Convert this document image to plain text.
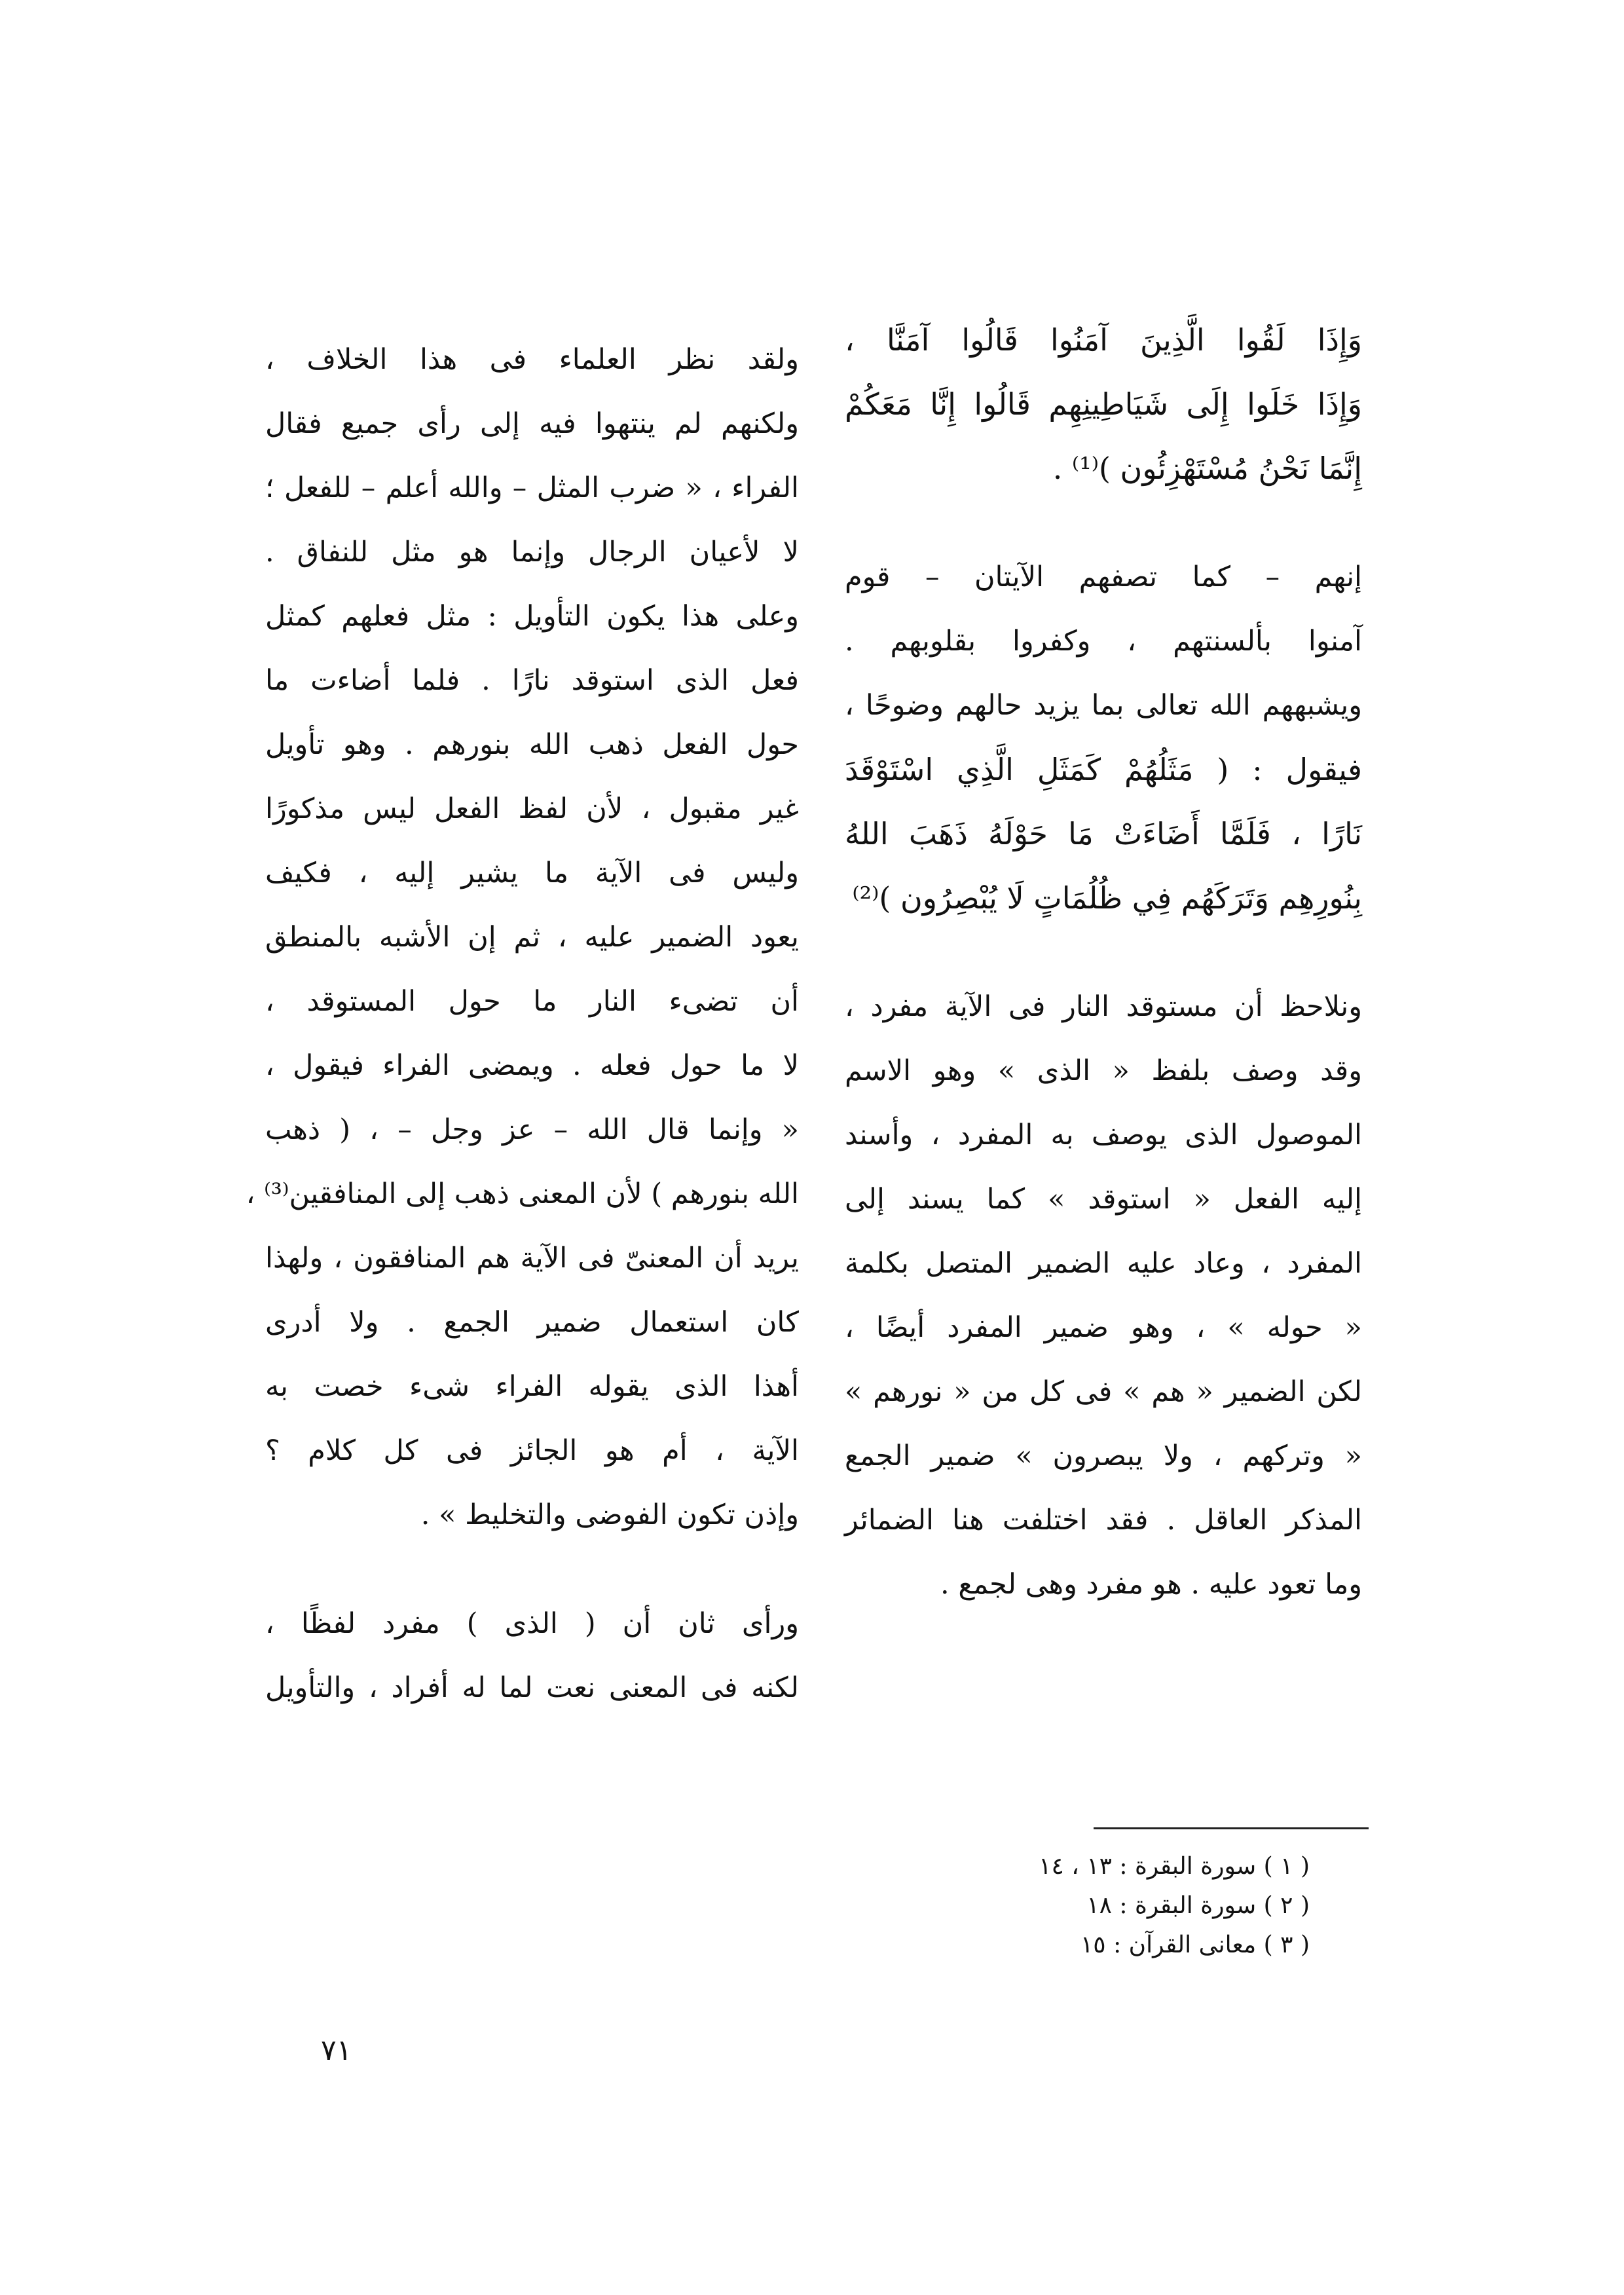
وَإِذَا لَقُوا الَّذِينَ آمَنُوا قَالُوا آمَنَّا ،
وَإِذَا خَلَوا إِلَى شَيَاطِينِهِم قَالُوا إِنَّا مَعَكُمْ
إِنَّمَا نَحْنُ مُسْتَهْزِئُون )⁽¹⁾ .
إنهم – كما تصفهم الآيتان – قوم
آمنوا بألسنتهم ، وكفروا بقلوبهم .
ويشبههم الله تعالى بما يزيد حالهم وضوحًا ،
فيقول : ( مَثَلُهُمْ كَمَثَلِ الَّذِي اسْتَوْقَدَ
نَارًا ، فَلَمَّا أَضَاءَتْ مَا حَوْلَهُ ذَهَبَ اللهُ
بِنُورِهِم وَتَرَكَهُم فِي ظُلُمَاتٍ لَا يُبْصِرُون )⁽²⁾
ونلاحظ أن مستوقد النار فى الآية مفرد ،
وقد وصف بلفظ « الذى » وهو الاسم
الموصول الذى يوصف به المفرد ، وأسند
إليه الفعل « استوقد » كما يسند إلى
المفرد ، وعاد عليه الضمير المتصل بكلمة
« حوله » ، وهو ضمير المفرد أيضًا ،
لكن الضمير « هم » فى كل من « نورهم »
« وتركهم ، ولا يبصرون » ضمير الجمع
المذكر العاقل . فقد اختلفت هنا الضمائر
وما تعود عليه . هو مفرد وهى لجمع .
ولقد نظر العلماء فى هذا الخلاف ،
ولكنهم لم ينتهوا فيه إلى رأى جميع فقال
الفراء ، « ضرب المثل – والله أعلم – للفعل ؛
لا لأعيان الرجال وإنما هو مثل للنفاق .
وعلى هذا يكون التأويل : مثل فعلهم كمثل
فعل الذى استوقد نارًا . فلما أضاءت ما
حول الفعل ذهب الله بنورهم . وهو تأويل
غير مقبول ، لأن لفظ الفعل ليس مذكورًا
وليس فى الآية ما يشير إليه ، فكيف
يعود الضمير عليه ، ثم إن الأشبه بالمنطق
أن تضىء النار ما حول المستوقد ،
لا ما حول فعله . ويمضى الفراء فيقول ،
« وإنما قال الله – عز وجل – ، ( ذهب
الله بنورهم ) لأن المعنى ذهب إلى المنافقين⁽³⁾ ،
يريد أن المعنىّ فى الآية هم المنافقون ، ولهذا
كان استعمال ضمير الجمع . ولا أدرى
أهذا الذى يقوله الفراء شىء خصت به
الآية ، أم هو الجائز فى كل كلام ؟
وإذن تكون الفوضى والتخليط » .
ورأى ثان أن ( الذى ) مفرد لفظًا ،
لكنه فى المعنى نعت لما له أفراد ، والتأويل
( ١ ) سورة البقرة : ١٣ ، ١٤
( ٢ ) سورة البقرة : ١٨
( ٣ ) معانى القرآن : ١٥
٧١
